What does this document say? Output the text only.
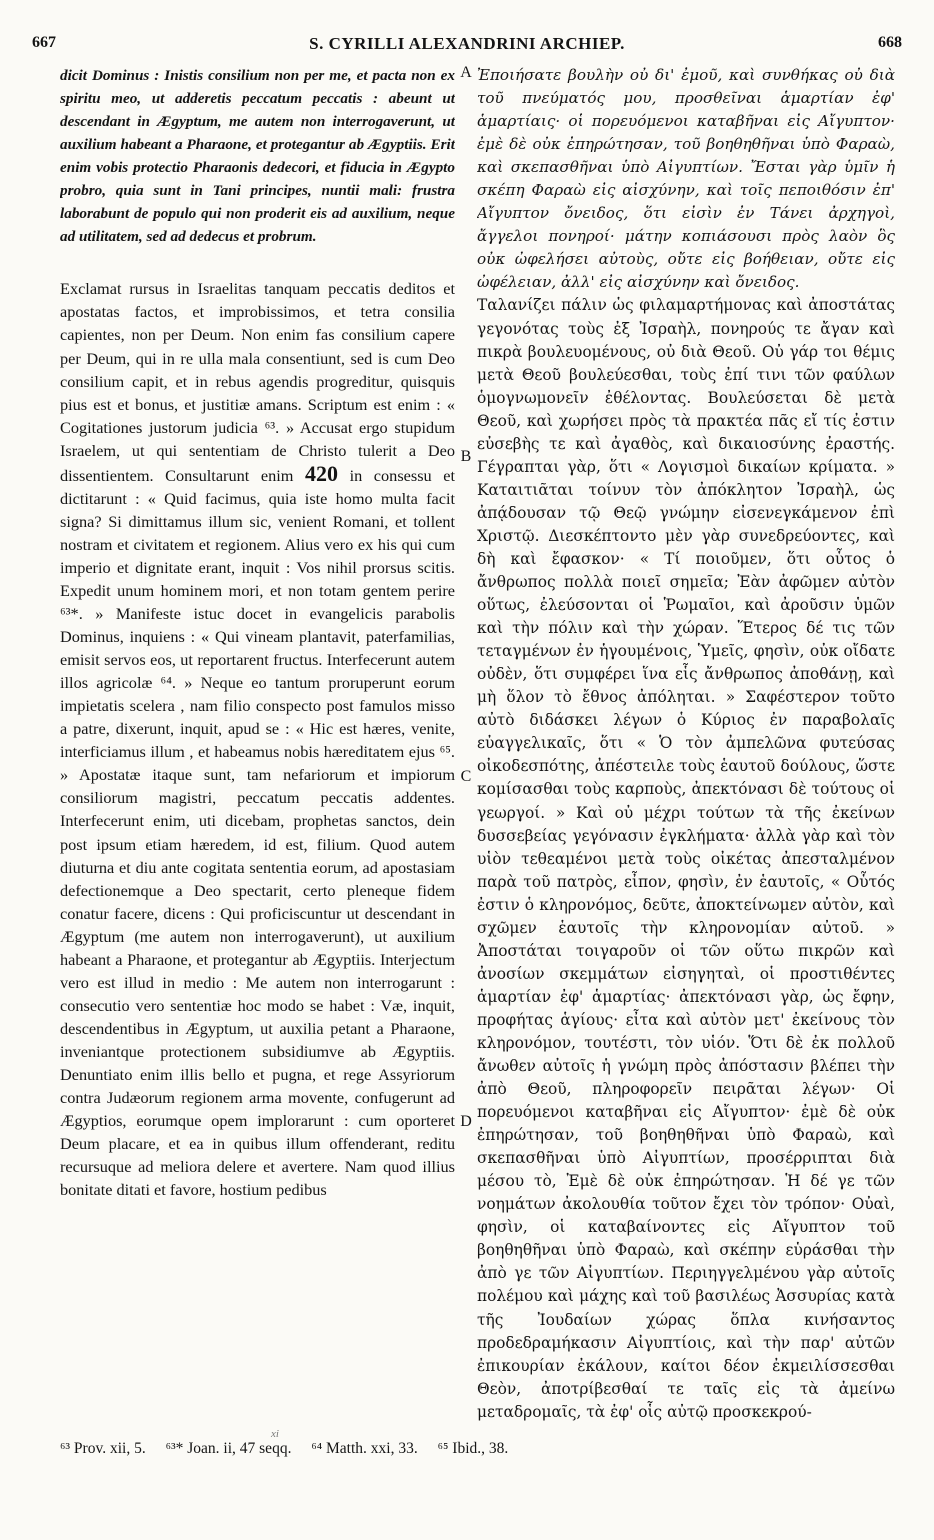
667	S. CYRILLI ALEXANDRINI ARCHIEP.	668

dicit Dominus : Inistis consilium non per me, et pacta non ex spiritu meo, ut adderetis peccatum peccatis : abeunt ut descendant in Ægyptum, me autem non interrogaverunt, ut auxilium habeant a Pharaone, et protegantur ab Ægyptiis. Erit enim vobis protectio Pharaonis dedecori, et fiducia in Ægypto probro, quia sunt in Tani principes, nuntii mali: frustra laborabunt de populo qui non proderit eis ad auxilium, neque ad utilitatem, sed ad dedecus et probrum.

Exclamat rursus in Israelitas tanquam peccatis deditos et apostatas factos, et improbissimos, et tetra consilia capientes, non per Deum. Non enim fas consilium capere per Deum, qui in re ulla mala consentiunt, sed is cum Deo consilium capit, et in rebus agendis progreditur, quisquis pius est et bonus, et justitiæ amans. Scriptum est enim : « Cogitationes justorum judicia ⁶³. » Accusat ergo stupidum Israelem, ut qui sententiam de Christo tulerit a Deo dissentientem. Consultarunt enim 420 in consessu et dictitarunt : « Quid facimus, quia iste homo multa facit signa? Si dimittamus illum sic, venient Romani, et tollent nostram et civitatem et regionem. Alius vero ex his qui cum imperio et dignitate erant, inquit : Vos nihil prorsus scitis. Expedit unum hominem mori, et non totam gentem perire ⁶³*. » Manifeste istuc docet in evangelicis parabolis Dominus, inquiens : « Qui vineam plantavit, paterfamilias, emisit servos eos, ut reportarent fructus. Interfecerunt autem illos agricolæ ⁶⁴. » Neque eo tantum proruperunt eorum impietatis scelera , nam filio conspecto post famulos misso a patre, dixerunt, inquit, apud se : « Hic est hæres, venite, interficiamus illum , et habeamus nobis hæreditatem ejus ⁶⁵. » Apostatæ itaque sunt, tam nefariorum et impiorum consiliorum magistri, peccatum peccatis addentes. Interfecerunt enim, uti dicebam, prophetas sanctos, dein post ipsum etiam hæredem, id est, filium. Quod autem diuturna et diu ante cogitata sententia eorum, ad apostasiam defectionemque a Deo spectarit, certo pleneque fidem conatur facere, dicens : Qui proficiscuntur ut descendant in Ægyptum (me autem non interrogaverunt), ut auxilium habeant a Pharaone, et protegantur ab Ægyptiis. Interjectum vero est illud in medio : Me autem non interrogarunt : consecutio vero sententiæ hoc modo se habet : Væ, inquit, descendentibus in Ægyptum, ut auxilia petant a Pharaone, inveniantque protectionem subsidiumve ab Ægyptiis. Denuntiato enim illis bello et pugna, et rege Assyriorum contra Judæorum regionem arma movente, confugerunt ad Ægyptios, eorumque opem implorarunt : cum oporteret Deum placare, et ea in quibus illum offenderant, reditu recursuque ad meliora delere et avertere. Nam quod illius bonitate ditati et favore, hostium pedibus

Ἐποιήσατε βουλὴν οὐ δι' ἐμοῦ, καὶ συνθήκας οὐ διὰ τοῦ πνεύματός μου, προσθεῖναι ἁμαρτίαν ἐφ' ἁμαρτίαις· οἱ πορευόμενοι καταβῆναι εἰς Αἴγυπτον· ἐμὲ δὲ οὐκ ἐπηρώτησαν, τοῦ βοηθηθῆναι ὑπὸ Φαραὼ, καὶ σκεπασθῆναι ὑπὸ Αἰγυπτίων. Ἔσται γὰρ ὑμῖν ἡ σκέπη Φαραὼ εἰς αἰσχύνην, καὶ τοῖς πεποιθόσιν ἐπ' Αἴγυπτον ὄνειδος, ὅτι εἰσὶν ἐν Τάνει ἀρχηγοὶ, ἄγγελοι πονηροί· μάτην κοπιάσουσι πρὸς λαὸν ὃς οὐκ ὠφελήσει αὐτοὺς, οὔτε εἰς βοήθειαν, οὔτε εἰς ὠφέλειαν, ἀλλ' εἰς αἰσχύνην καὶ ὄνειδος.

Ταλανίζει πάλιν ὡς φιλαμαρτήμονας καὶ ἀποστάτας γεγονότας τοὺς ἐξ Ἰσραὴλ, πονηρούς τε ἄγαν καὶ πικρὰ βουλευομένους, οὐ διὰ Θεοῦ. Οὐ γάρ τοι θέμις μετὰ Θεοῦ βουλεύεσθαι, τοὺς ἐπί τινι τῶν φαύλων ὁμογνωμονεῖν ἐθέλοντας. Βουλεύσεται δὲ μετὰ Θεοῦ, καὶ χωρήσει πρὸς τὰ πρακτέα πᾶς εἴ τίς ἐστιν εὐσεβὴς τε καὶ ἀγαθὸς, καὶ δικαιοσύνης ἐραστής. Γέγραπται γὰρ, ὅτι « Λογισμοὶ δικαίων κρίματα. » Καταιτιᾶται τοίνυν τὸν ἀπόκλητον Ἰσραὴλ, ὡς ἀπᾴδουσαν τῷ Θεῷ γνώμην εἰσενεγκάμενον ἐπὶ Χριστῷ. Διεσκέπτοντο μὲν γὰρ συνεδρεύοντες, καὶ δὴ καὶ ἔφασκον· « Τί ποιοῦμεν, ὅτι οὗτος ὁ ἄνθρωπος πολλὰ ποιεῖ σημεῖα; Ἐὰν ἀφῶμεν αὐτὸν οὕτως, ἐλεύσονται οἱ Ῥωμαῖοι, καὶ ἀροῦσιν ὑμῶν καὶ τὴν πόλιν καὶ τὴν χώραν. Ἕτερος δέ τις τῶν τεταγμένων ἐν ἡγουμένοις, Ὑμεῖς, φησὶν, οὐκ οἴδατε οὐδὲν, ὅτι συμφέρει ἵνα εἷς ἄνθρωπος ἀποθάνῃ, καὶ μὴ ὅλον τὸ ἔθνος ἀπόληται. » Σαφέστερον τοῦτο αὐτὸ διδάσκει λέγων ὁ Κύριος ἐν παραβολαῖς εὐαγγελικαῖς, ὅτι « Ὁ τὸν ἀμπελῶνα φυτεύσας οἰκοδεσπότης, ἀπέστειλε τοὺς ἑαυτοῦ δούλους, ὥστε κομίσασθαι τοὺς καρποὺς, ἀπεκτόνασι δὲ τούτους οἱ γεωργοί. » Καὶ οὐ μέχρι τούτων τὰ τῆς ἐκείνων δυσσεβείας γεγόνασιν ἐγκλήματα· ἀλλὰ γὰρ καὶ τὸν υἱὸν τεθεαμένοι μετὰ τοὺς οἰκέτας ἀπεσταλμένον παρὰ τοῦ πατρὸς, εἶπον, φησὶν, ἐν ἑαυτοῖς, « Οὗτός ἐστιν ὁ κληρονόμος, δεῦτε, ἀποκτείνωμεν αὐτὸν, καὶ σχῶμεν ἑαυτοῖς τὴν κληρονομίαν αὐτοῦ. » Ἀποστάται τοιγαροῦν οἱ τῶν οὕτω πικρῶν καὶ ἀνοσίων σκεμμάτων εἰσηγηταὶ, οἱ προστιθέντες ἁμαρτίαν ἐφ' ἁμαρτίας· ἀπεκτόνασι γὰρ, ὡς ἔφην, προφήτας ἁγίους· εἶτα καὶ αὐτὸν μετ' ἐκείνους τὸν κληρονόμον, τουτέστι, τὸν υἱόν. Ὅτι δὲ ἐκ πολλοῦ ἄνωθεν αὐτοῖς ἡ γνώμη πρὸς ἀπόστασιν βλέπει τὴν ἀπὸ Θεοῦ, πληροφορεῖν πειρᾶται λέγων· Οἱ πορευόμενοι καταβῆναι εἰς Αἴγυπτον· ἐμὲ δὲ οὐκ ἐπηρώτησαν, τοῦ βοηθηθῆναι ὑπὸ Φαραὼ, καὶ σκεπασθῆναι ὑπὸ Αἰγυπτίων, προσέρριπται διὰ μέσου τὸ, Ἐμὲ δὲ οὐκ ἐπηρώτησαν. Ἡ δέ γε τῶν νοημάτων ἀκολουθία τοῦτον ἔχει τὸν τρόπον· Οὐαὶ, φησὶν, οἱ καταβαίνοντες εἰς Αἴγυπτον τοῦ βοηθηθῆναι ὑπὸ Φαραὼ, καὶ σκέπην εὑράσθαι τὴν ἀπὸ γε τῶν Αἰγυπτίων. Περιηγγελμένου γὰρ αὐτοῖς πολέμου καὶ μάχης καὶ τοῦ βασιλέως Ἀσσυρίας κατὰ τῆς Ἰουδαίων χώρας ὅπλα κινήσαντος προδεδραμήκασιν Αἰγυπτίοις, καὶ τὴν παρ' αὐτῶν ἐπικουρίαν ἐκάλουν, καίτοι δέον ἐκμειλίσσεσθαι Θεὸν, ἀποτρίβεσθαί τε ταῖς εἰς τὰ ἀμείνω μεταδρομαῖς, τὰ ἐφ' οἷς αὐτῷ προσκεκρού-

A
B
C
D
xi
⁶³ Prov. xii, 5. ⁶³* Joan. ii, 47 seqq. ⁶⁴ Matth. xxi, 33. ⁶⁵ Ibid., 38.
